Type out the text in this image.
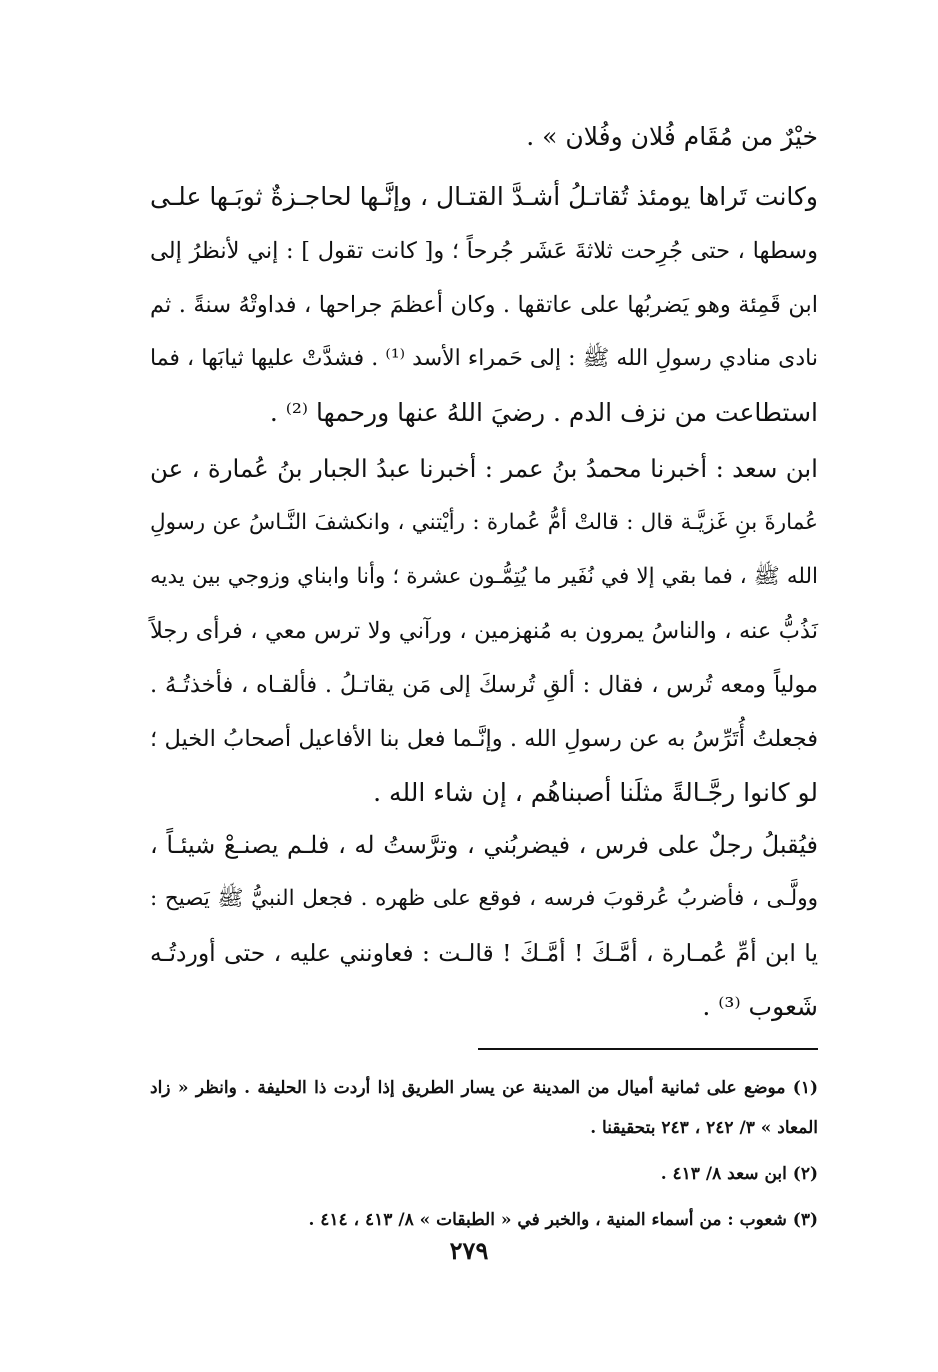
خيْرٌ من مُقَام فُلان وفُلان » .
وكانت تَراها يومئذ تُقاتـلُ أشـدَّ القتـال ، وإنَّـها لحاجـزةٌ ثوبَـها علـى
وسطها ، حتى جُرِحت ثلاثةَ عَشَر جُرحاً ؛ و[ كانت تقول ] : إني لأنظرُ إلى
ابن قَمِئة وهو يَضربُها على عاتقها . وكان أعظمَ جراحها ، فداوتْهُ سنةً . ثم
نادى منادي رسولِ الله ﷺ : إلى حَمراء الأسد ⁽¹⁾ . فشدَّتْ عليها ثيابَها ، فما
استطاعت من نزف الدم . رضيَ اللهُ عنها ورحمها ⁽²⁾ .
ابن سعد : أخبرنا محمدُ بنُ عمر : أخبرنا عبدُ الجبار بنُ عُمارة ، عن
عُمارةَ بنِ غَزيَّـة قال : قالتْ أمُّ عُمارة : رأيْتني ، وانكشفَ النَّـاسُ عن رسولِ
الله ﷺ ، فما بقي إلا في نُفَير ما يُتِمُّـون عشرة ؛ وأنا وابناي وزوجي بين يديه
نَذُبُّ عنه ، والناسُ يمرون به مُنهزمين ، ورآني ولا ترس معي ، فرأى رجلاً
مولياً ومعه تُرس ، فقال : ألقِ تُرسكَ إلى مَن يقاتـلُ . فألقـاه ، فأخذتُـهُ .
فجعلتُ أُتَرِّسُ به عن رسولِ الله . وإنَّـما فعل بنا الأفاعيل أصحابُ الخيل ؛
لو كانوا رجَّـالةً مثلَنا أصبناهُم ، إن شاء الله .
فيُقبلُ رجلٌ على فرس ، فيضربُني ، وترَّستُ له ، فلـم يصنـعْ شيئـاً ،
وولَّـى ، فأضربُ عُرقوبَ فرسه ، فوقع على ظهره . فجعل النبيُّ ﷺ يَصيح :
يا ابن أمِّ عُمـارة ، أمَّـكَ ! أمَّـكَ ! قالـت : فعاونني عليه ، حتى أوردتُـه
شَعوب ⁽³⁾ .
(١) موضع على ثمانية أميال من المدينة عن يسار الطريق إذا أردت ذا الحليفة . وانظر « زاد
المعاد » ٣/ ٢٤٢ ، ٢٤٣ بتحقيقنا .
(٢) ابن سعد ٨/ ٤١٣ .
(٣) شعوب : من أسماء المنية ، والخبر في « الطبقات » ٨/ ٤١٣ ، ٤١٤ .
٢٧٩
